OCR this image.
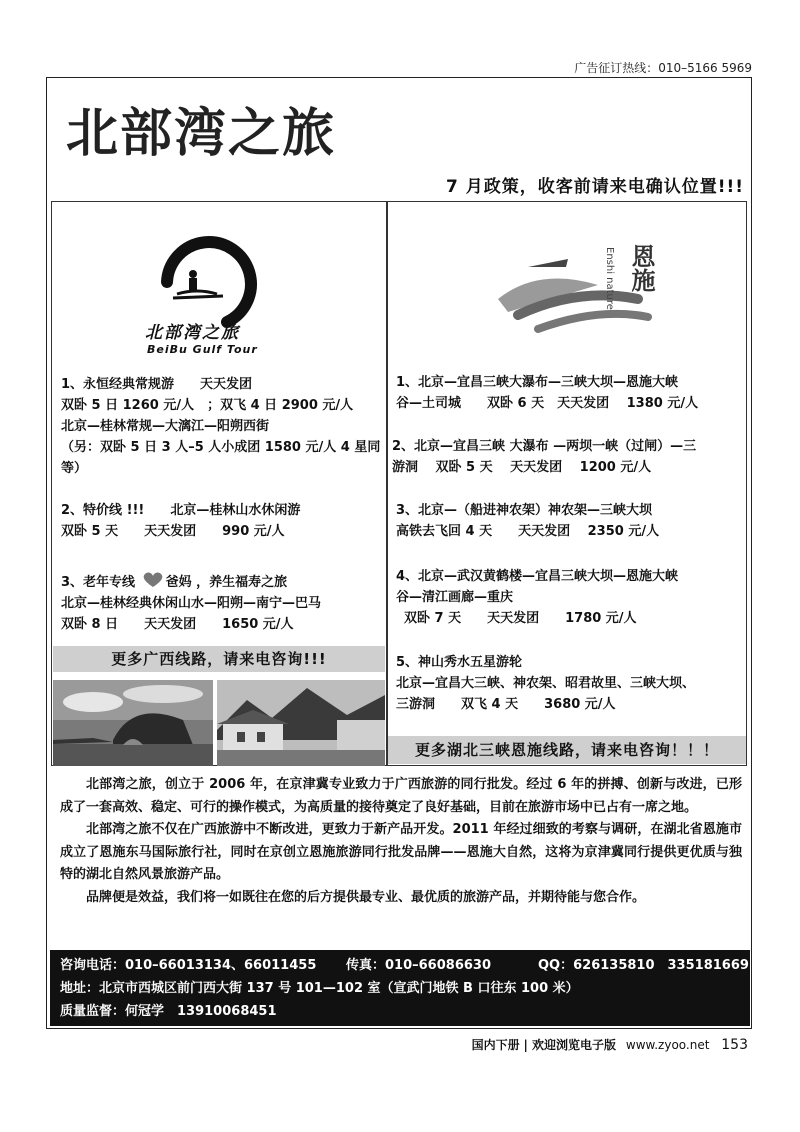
广告征订热线：010–5166 5969
北部湾之旅
7 月政策，收客前请来电确认位置!!!
北部湾之旅
BeiBu Gulf Tour
1、永恒经典常规游　　天天发团
双卧 5 日 1260 元/人　；双飞 4 日 2900 元/人
北京—桂林常规—大漓江—阳朔西街
（另：双卧 5 日 3 人–5 人小成团 1580 元/人 4 星同等）
2、特价线 !!!　　北京—桂林山水休闲游
双卧 5 天　　天天发团　　990 元/人
3、老年专线 爸妈 ，养生福寿之旅
北京—桂林经典休闲山水—阳朔—南宁—巴马
双卧 8 日　　天天发团　　1650 元/人
更多广西线路，请来电咨询!!!
恩施
Enshi nature
1、北京—宜昌三峡大瀑布—三峡大坝—恩施大峡
谷—土司城　　双卧 6 天　天天发团　 1380 元/人
2、北京—宜昌三峡 大瀑布 —两坝一峡（过闸）—三
游洞　 双卧 5 天　 天天发团　 1200 元/人
3、北京—（船进神农架）神农架—三峡大坝
高铁去飞回 4 天　　天天发团　 2350 元/人
4、北京—武汉黄鹤楼—宜昌三峡大坝—恩施大峡
谷—清江画廊—重庆
双卧 7 天　　天天发团　　1780 元/人
5、神山秀水五星游轮
北京—宜昌大三峡、神农架、昭君故里、三峡大坝、
三游洞　　双飞 4 天　　3680 元/人
更多湖北三峡恩施线路，请来电咨询！！！

北部湾之旅，创立于 2006 年，在京津冀专业致力于广西旅游的同行批发。经过 6 年的拼搏、创新与改进，已形成了一套高效、稳定、可行的操作模式，为高质量的接待奠定了良好基础，目前在旅游市场中已占有一席之地。

北部湾之旅不仅在广西旅游中不断改进，更致力于新产品开发。2011 年经过细致的考察与调研，在湖北省恩施市成立了恩施东马国际旅行社，同时在京创立恩施旅游同行批发品牌——恩施大自然，这将为京津冀同行提供更优质与独特的湖北自然风景旅游产品。

品牌便是效益，我们将一如既往在您的后方提供最专业、最优质的旅游产品，并期待能与您合作。

咨询电话：010–66013134、66011455 传真：010–66086630	QQ：626135810　335181669
地址：北京市西城区前门西大街 137 号 101—102 室（宣武门地铁 B 口往东 100 米）
质量监督：何冠学　13910068451
国内下册 | 欢迎浏览电子版 www.zyoo.net 153
